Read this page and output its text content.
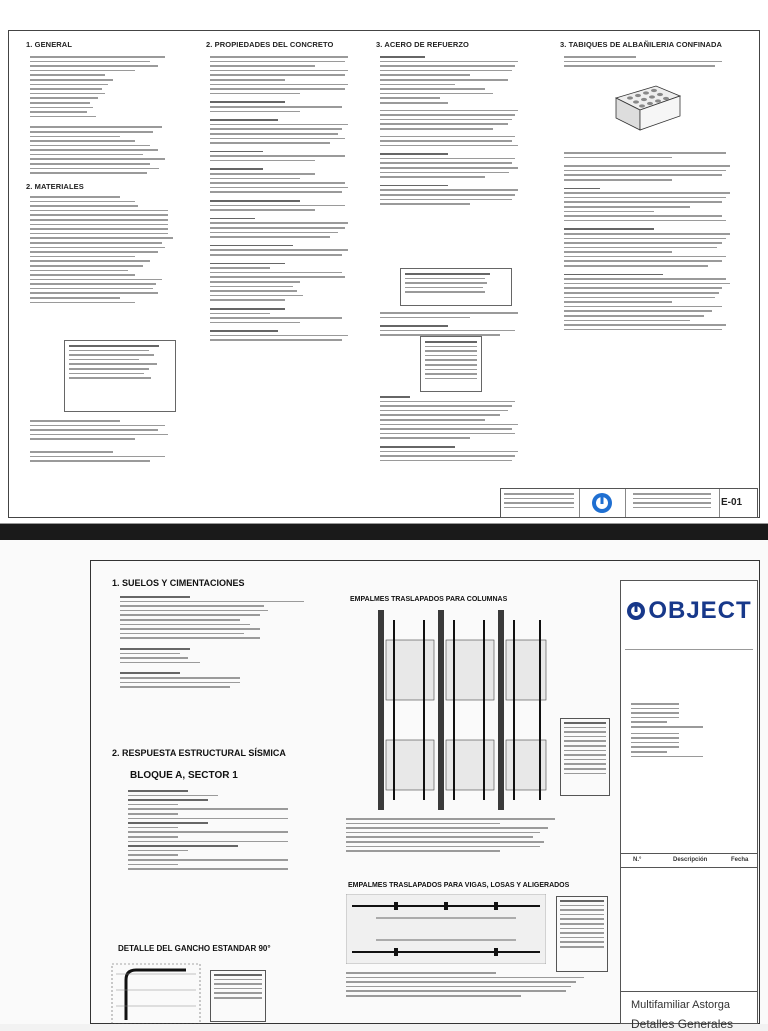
1. GENERAL
2. MATERIALES
2. PROPIEDADES DEL CONCRETO	3. ACERO DE REFUERZO	3. TABIQUES DE ALBAÑILERIA CONFINADA
E-01
1. SUELOS Y CIMENTACIONES
2. RESPUESTA ESTRUCTURAL SÍSMICA
BLOQUE A, SECTOR 1
DETALLE DEL GANCHO ESTANDAR 90°
EMPALMES TRASLAPADOS PARA COLUMNAS
EMPALMES TRASLAPADOS PARA VIGAS, LOSAS Y ALIGERADOS
OBJECT
N.°	Descripción	Fecha
Multifamiliar Astorga
Detalles Generales
